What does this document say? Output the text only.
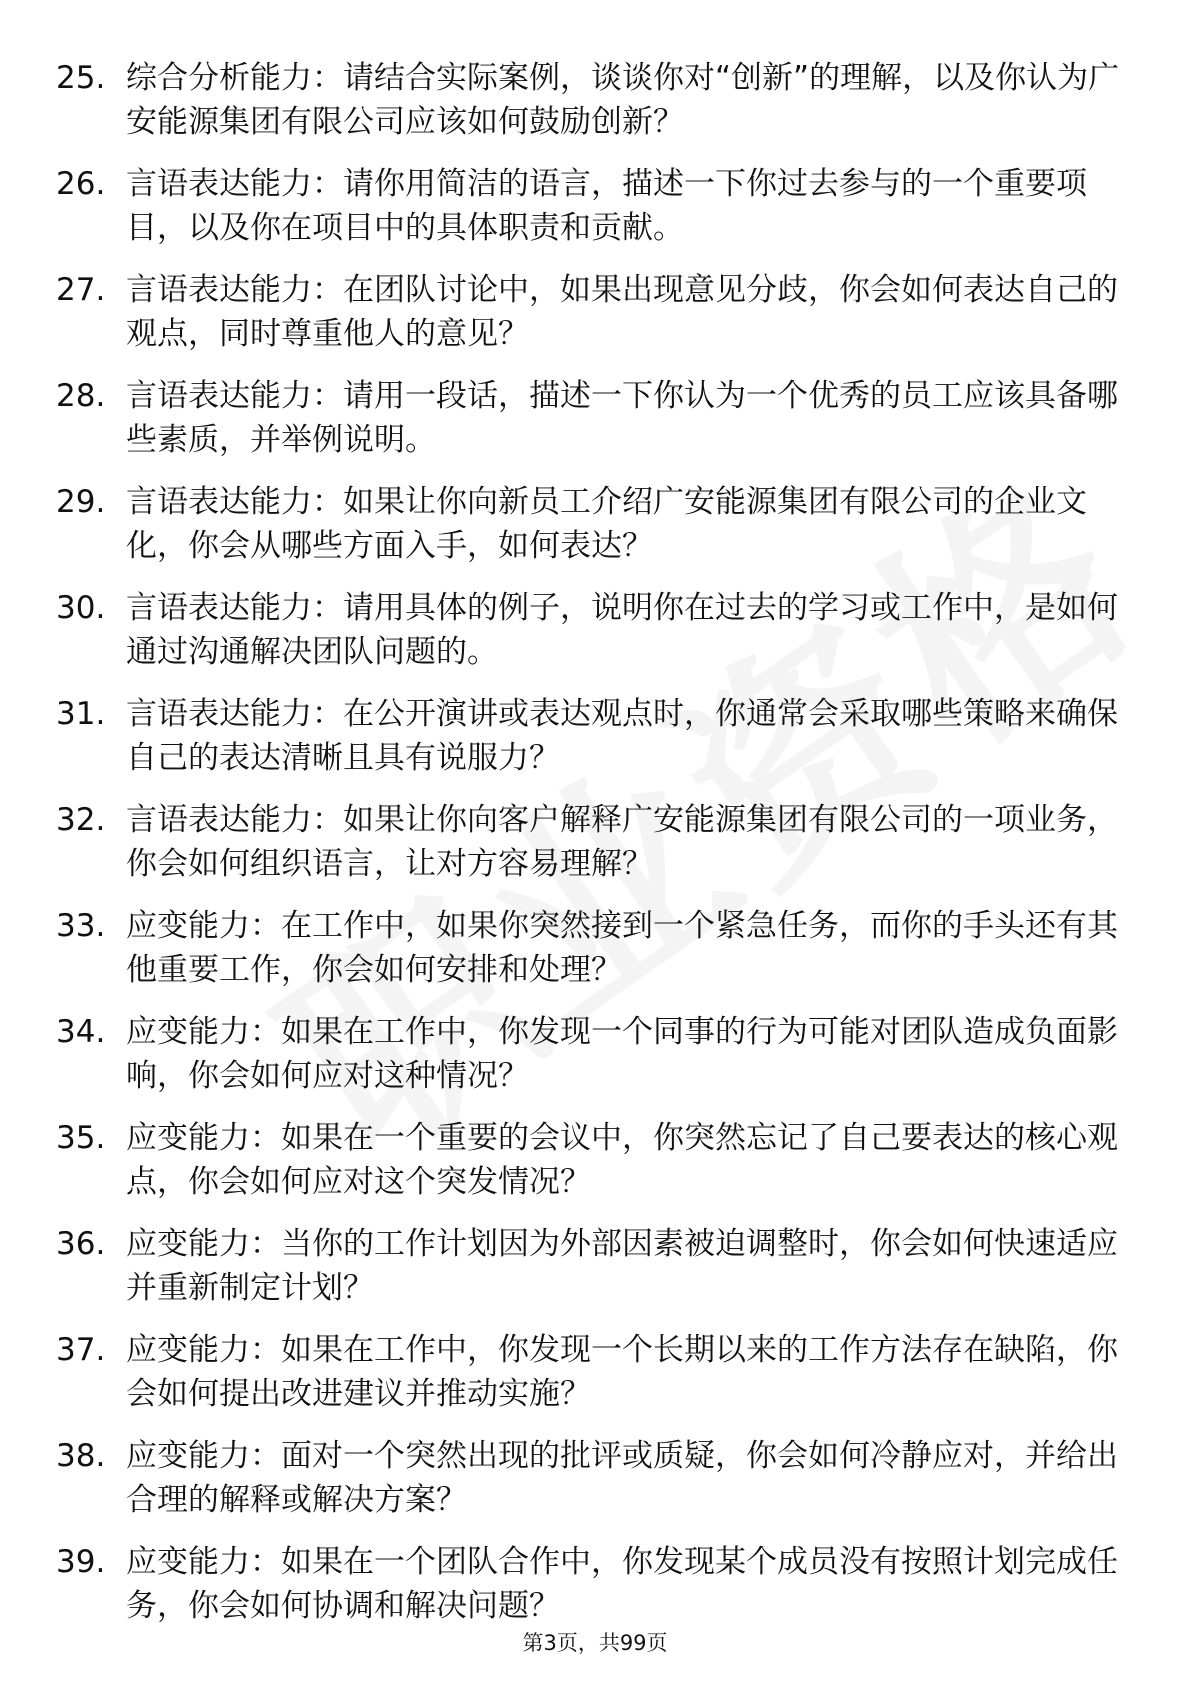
25. 综合分析能力：请结合实际案例，谈谈你对“创新”的理解，以及你认为广安能源集团有限公司应该如何鼓励创新？
26. 言语表达能力：请你用简洁的语言，描述一下你过去参与的一个重要项目，以及你在项目中的具体职责和贡献。
27. 言语表达能力：在团队讨论中，如果出现意见分歧，你会如何表达自己的观点，同时尊重他人的意见？
28. 言语表达能力：请用一段话，描述一下你认为一个优秀的员工应该具备哪些素质，并举例说明。
29. 言语表达能力：如果让你向新员工介绍广安能源集团有限公司的企业文化，你会从哪些方面入手，如何表达？
30. 言语表达能力：请用具体的例子，说明你在过去的学习或工作中，是如何通过沟通解决团队问题的。
31. 言语表达能力：在公开演讲或表达观点时，你通常会采取哪些策略来确保自己的表达清晰且具有说服力？
32. 言语表达能力：如果让你向客户解释广安能源集团有限公司的一项业务，你会如何组织语言，让对方容易理解？
33. 应变能力：在工作中，如果你突然接到一个紧急任务，而你的手头还有其他重要工作，你会如何安排和处理？
34. 应变能力：如果在工作中，你发现一个同事的行为可能对团队造成负面影响，你会如何应对这种情况？
35. 应变能力：如果在一个重要的会议中，你突然忘记了自己要表达的核心观点，你会如何应对这个突发情况？
36. 应变能力：当你的工作计划因为外部因素被迫调整时，你会如何快速适应并重新制定计划？
37. 应变能力：如果在工作中，你发现一个长期以来的工作方法存在缺陷，你会如何提出改进建议并推动实施？
38. 应变能力：面对一个突然出现的批评或质疑，你会如何冷静应对，并给出合理的解释或解决方案？
39. 应变能力：如果在一个团队合作中，你发现某个成员没有按照计划完成任务，你会如何协调和解决问题？
第3页，共99页
